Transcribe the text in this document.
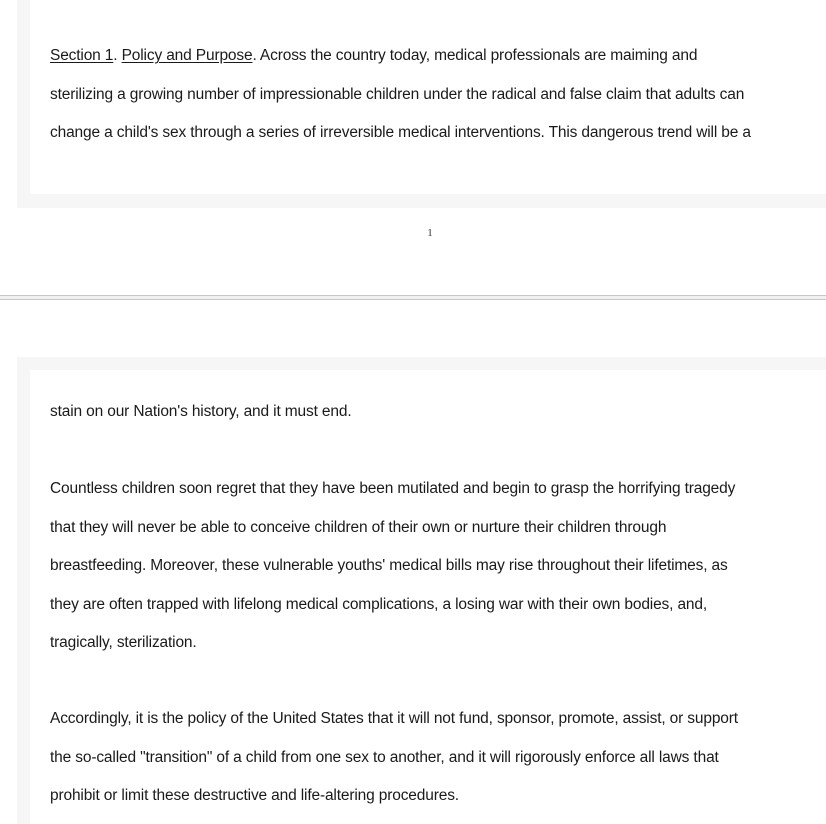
Section 1. Policy and Purpose. Across the country today, medical professionals are maiming and
sterilizing a growing number of impressionable children under the radical and false claim that adults can
change a child's sex through a series of irreversible medical interventions. This dangerous trend will be a

1

stain on our Nation's history, and it must end.

Countless children soon regret that they have been mutilated and begin to grasp the horrifying tragedy
that they will never be able to conceive children of their own or nurture their children through
breastfeeding. Moreover, these vulnerable youths' medical bills may rise throughout their lifetimes, as
they are often trapped with lifelong medical complications, a losing war with their own bodies, and,
tragically, sterilization.

Accordingly, it is the policy of the United States that it will not fund, sponsor, promote, assist, or support
the so-called "transition" of a child from one sex to another, and it will rigorously enforce all laws that
prohibit or limit these destructive and life-altering procedures.
